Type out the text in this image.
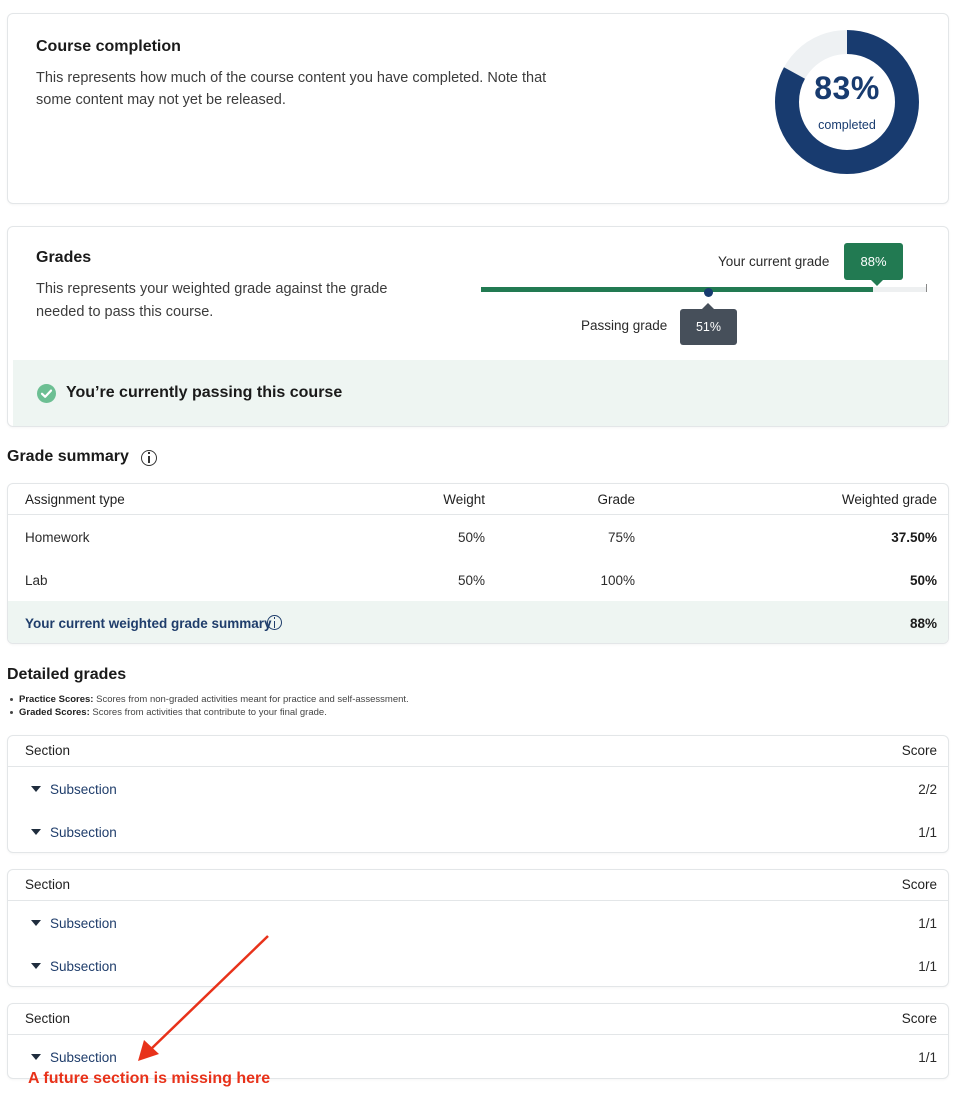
Course completion

This represents how much of the course content you have completed. Note that some content may not yet be released.	83%
completed
Grades

This represents your weighted grade against the grade needed to pass this course.

Your current grade	88%
Passing grade	51%
You’re currently passing this course
Grade summary
Assignment type	Weight	Grade	Weighted grade
Homework	50%	75%	37.50%
Lab	50%	100%	50%
Your current weighted grade summary	88%
Detailed grades
Practice Scores: Scores from non-graded activities meant for practice and self-assessment.
Graded Scores: Scores from activities that contribute to your final grade.
Section	Score
Subsection	2/2
Subsection	1/1
Section	Score
Subsection	1/1
Subsection	1/1
Section	Score
Subsection	1/1
A future section is missing here
